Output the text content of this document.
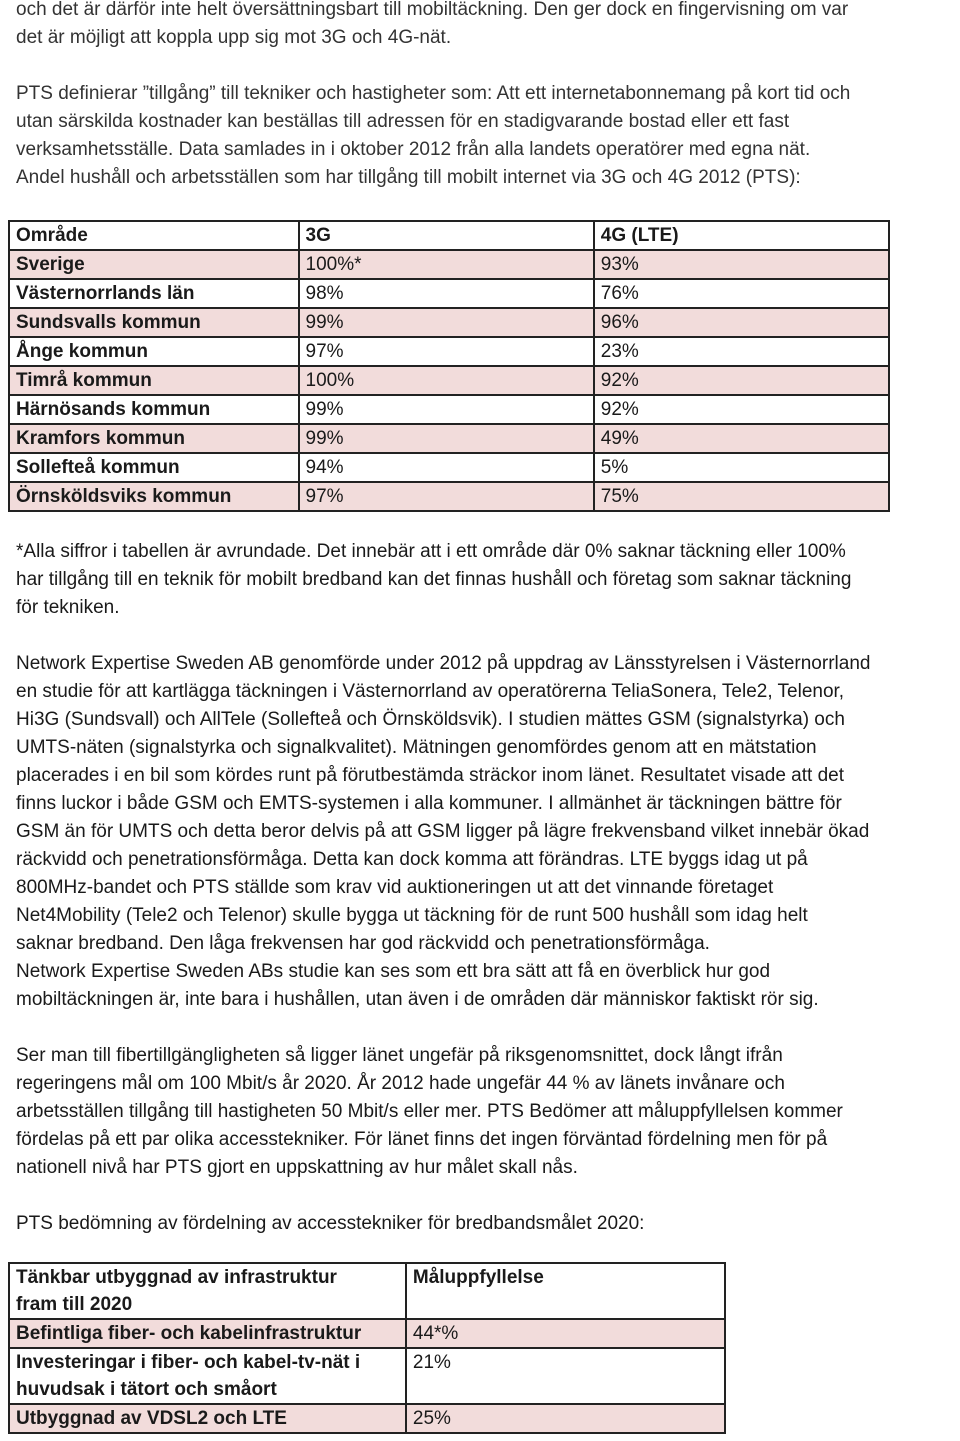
och det är därför inte helt översättningsbart till mobiltäckning. Den ger dock en fingervisning om var
det är möjligt att koppla upp sig mot 3G och 4G-nät.

PTS definierar ”tillgång” till tekniker och hastigheter som: Att ett internetabonnemang på kort tid och
utan särskilda kostnader kan beställas till adressen för en stadigvarande bostad eller ett fast
verksamhetsställe. Data samlades in i oktober 2012 från alla landets operatörer med egna nät.
Andel hushåll och arbetsställen som har tillgång till mobilt internet via 3G och 4G 2012 (PTS):

Område	3G	4G (LTE)
Sverige	100%*	93%
Västernorrlands län	98%	76%
Sundsvalls kommun	99%	96%
Ånge kommun	97%	23%
Timrå kommun	100%	92%
Härnösands kommun	99%	92%
Kramfors kommun	99%	49%
Sollefteå kommun	94%	5%
Örnsköldsviks kommun	97%	75%

*Alla siffror i tabellen är avrundade. Det innebär att i ett område där 0% saknar täckning eller 100%
har tillgång till en teknik för mobilt bredband kan det finnas hushåll och företag som saknar täckning
för tekniken.

Network Expertise Sweden AB genomförde under 2012 på uppdrag av Länsstyrelsen i Västernorrland
en studie för att kartlägga täckningen i Västernorrland av operatörerna TeliaSonera, Tele2, Telenor,
Hi3G (Sundsvall) och AllTele (Sollefteå och Örnsköldsvik). I studien mättes GSM (signalstyrka) och
UMTS-näten (signalstyrka och signalkvalitet). Mätningen genomfördes genom att en mätstation
placerades i en bil som kördes runt på förutbestämda sträckor inom länet. Resultatet visade att det
finns luckor i både GSM och EMTS-systemen i alla kommuner. I allmänhet är täckningen bättre för
GSM än för UMTS och detta beror delvis på att GSM ligger på lägre frekvensband vilket innebär ökad
räckvidd och penetrationsförmåga. Detta kan dock komma att förändras. LTE byggs idag ut på
800MHz-bandet och PTS ställde som krav vid auktioneringen ut att det vinnande företaget
Net4Mobility (Tele2 och Telenor) skulle bygga ut täckning för de runt 500 hushåll som idag helt
saknar bredband. Den låga frekvensen har god räckvidd och penetrationsförmåga.
Network Expertise Sweden ABs studie kan ses som ett bra sätt att få en överblick hur god
mobiltäckningen är, inte bara i hushållen, utan även i de områden där människor faktiskt rör sig.

Ser man till fibertillgängligheten så ligger länet ungefär på riksgenomsnittet, dock långt ifrån
regeringens mål om 100 Mbit/s år 2020. År 2012 hade ungefär 44 % av länets invånare och
arbetsställen tillgång till hastigheten 50 Mbit/s eller mer. PTS Bedömer att måluppfyllelsen kommer
fördelas på ett par olika accesstekniker. För länet finns det ingen förväntad fördelning men för på
nationell nivå har PTS gjort en uppskattning av hur målet skall nås.

PTS bedömning av fördelning av accesstekniker för bredbandsmålet 2020:

Tänkbar utbyggnad av infrastruktur fram till 2020	Måluppfyllelse
Befintliga fiber- och kabelinfrastruktur	44*%
Investeringar i fiber- och kabel-tv-nät i huvudsak i tätort och småort	21%
Utbyggnad av VDSL2 och LTE	25%
